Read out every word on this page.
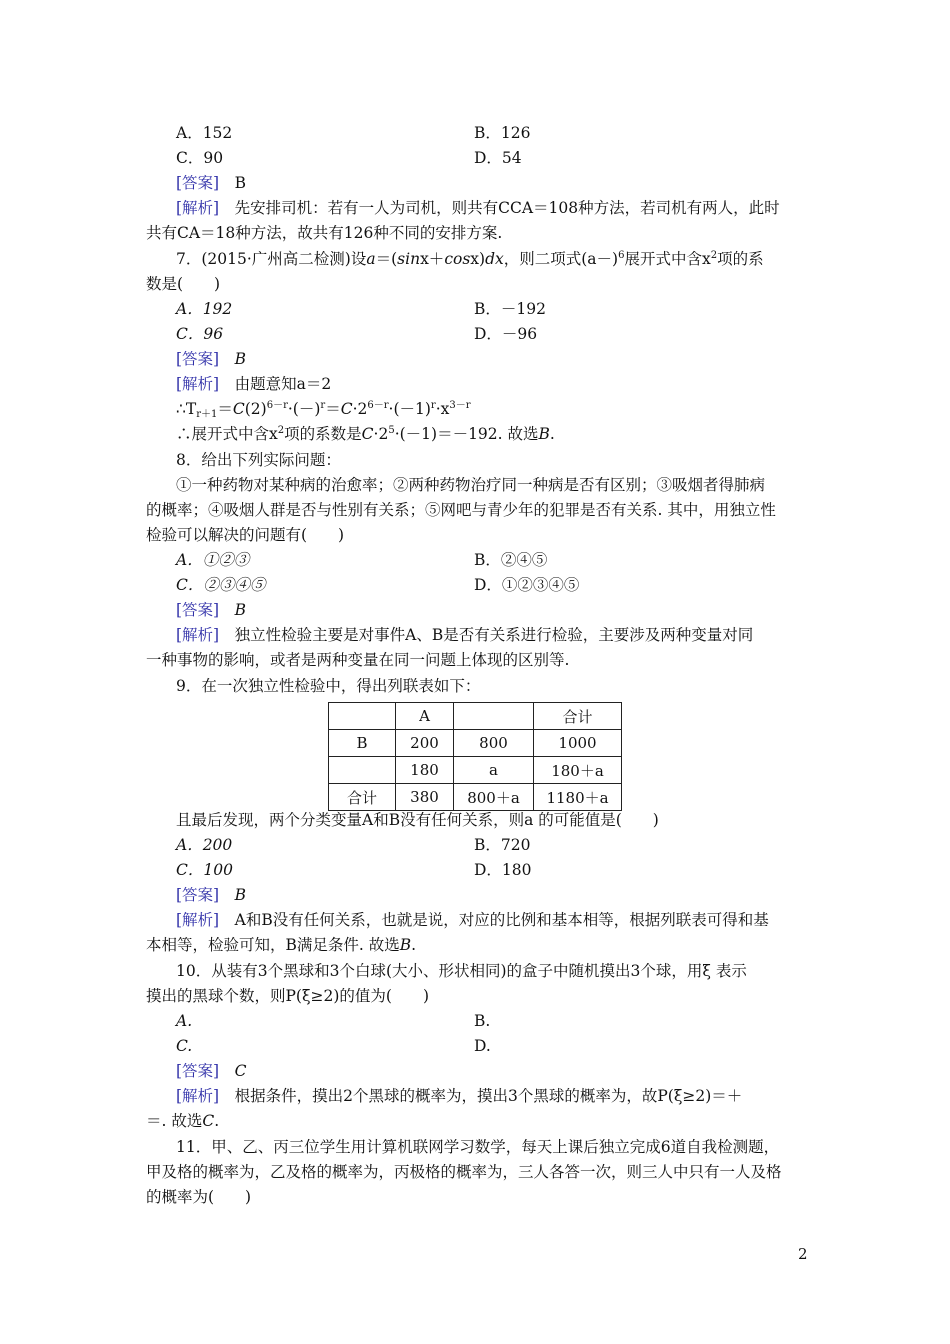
A．152	B．126
C．90	D．54
[答案]　 B
[解析]　 先安排司机：若有一人为司机，则共有CCA＝108种方法，若司机有两人，此时
共有CA＝18种方法，故共有126种不同的安排方案.
7．(2015·广州高二检测)设a＝(sinx＋cosx)dx，则二项式$(a-)^6$展开式中含$x^2$项的系
数是(　　)
A．192	B．－192
C．96	D．－96
[答案]　 B
[解析]　 由题意知a＝2
$\therefore T_{r+1}=C(2)^{6-r}\cdot(-)^r=C\cdot 2^{6-r}\cdot(-1)^r\cdot x^{3-r}$
∴展开式中含$x^2$项的系数是$C\cdot 2^5\cdot(-1)=-192$. 故选B.
8．给出下列实际问题：
①一种药物对某种病的治愈率；②两种药物治疗同一种病是否有区别；③吸烟者得肺病
的概率；④吸烟人群是否与性别有关系；⑤网吧与青少年的犯罪是否有关系. 其中，用独立性
检验可以解决的问题有(　　)
A．①②③	B．②④⑤
C．②③④⑤	D．①②③④⑤
[答案]　 B
[解析]　 独立性检验主要是对事件A、B是否有关系进行检验，主要涉及两种变量对同
一种事物的影响，或者是两种变量在同一问题上体现的区别等.
9．在一次独立性检验中，得出列联表如下：
	A		合计
B	200	800	1000
	180	a	180＋a
合计	380	800＋a	1180＋a
且最后发现，两个分类变量A和B没有任何关系，则a 的可能值是(　　)
A．200	B．720
C．100	D．180
[答案]　 B
[解析]　 A和B没有任何关系，也就是说，对应的比例和基本相等，根据列联表可得和基
本相等，检验可知，B满足条件. 故选B.
10．从装有3个黑球和3个白球(大小、形状相同)的盒子中随机摸出3个球，用ξ 表示
摸出的黑球个数，则P(ξ≥2)的值为(　　)
A.	B.
C.	D.
[答案]　 C
[解析]　 根据条件，摸出2个黑球的概率为，摸出3个黑球的概率为，故P(ξ≥2)＝＋
＝. 故选C.
11．甲、乙、丙三位学生用计算机联网学习数学，每天上课后独立完成6道自我检测题，
甲及格的概率为，乙及格的概率为，丙极格的概率为，三人各答一次，则三人中只有一人及格
的概率为(　　)
2
